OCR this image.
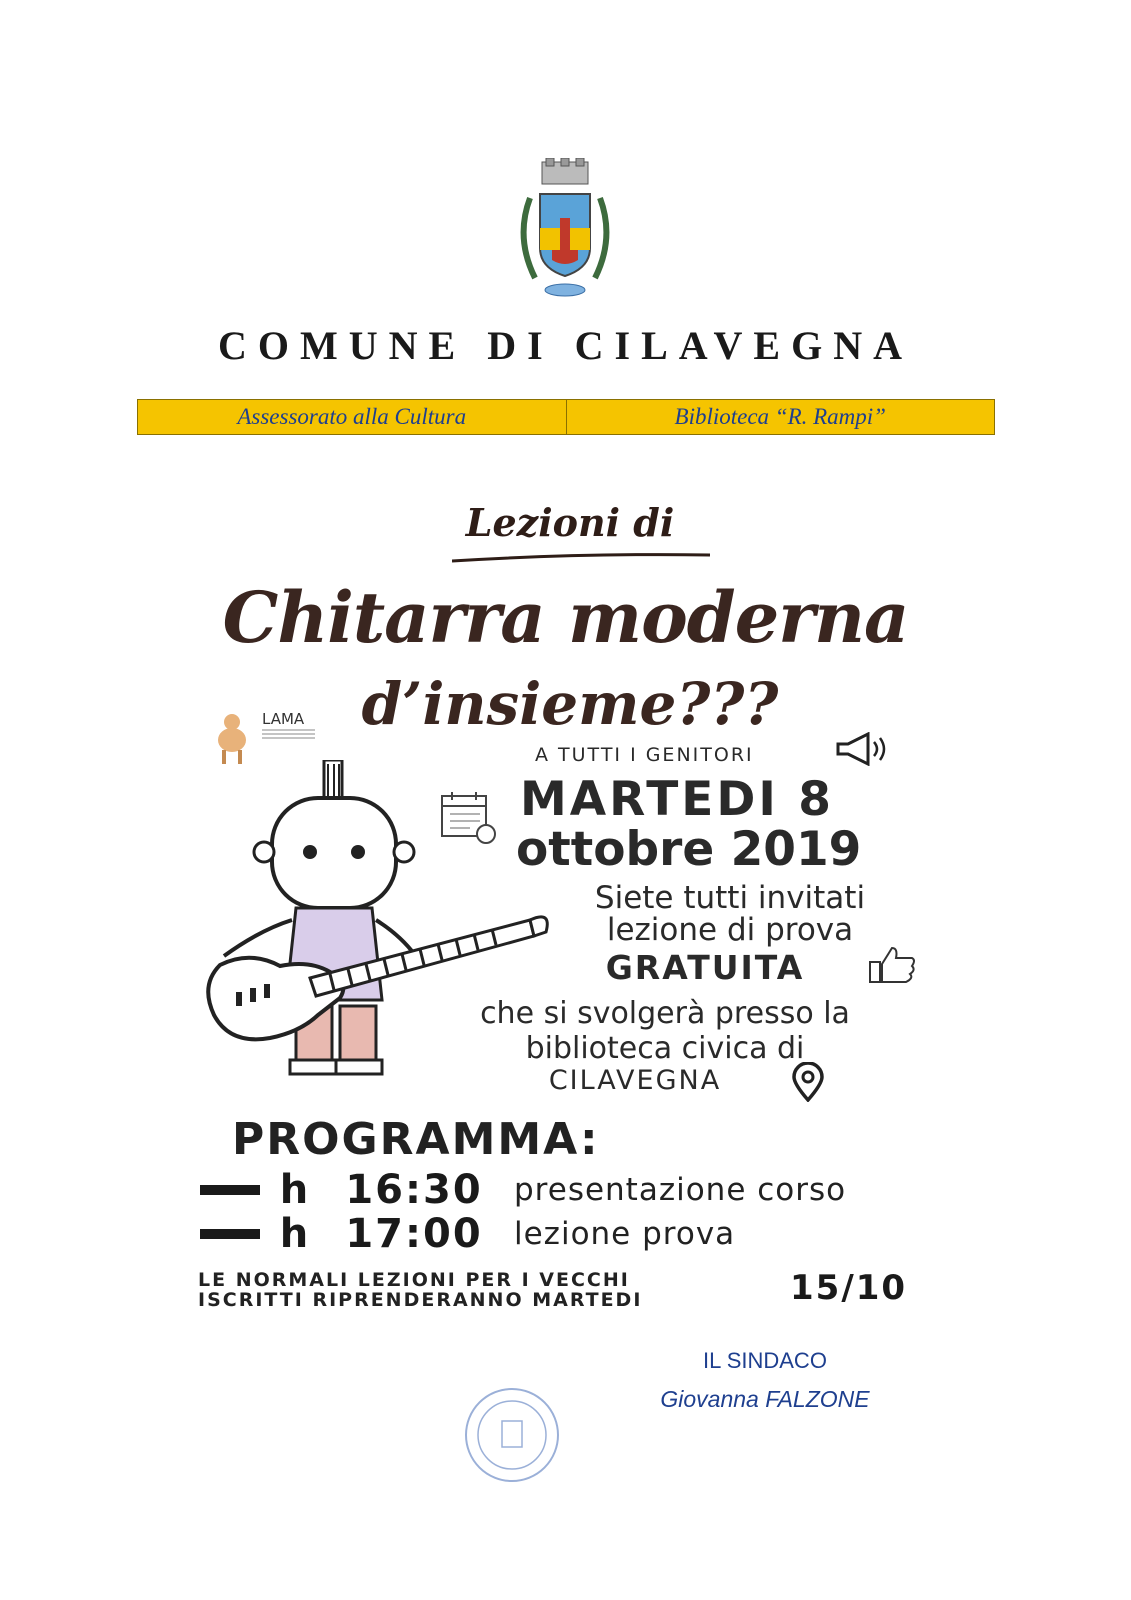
COMUNE DI CILAVEGNA
Assessorato alla Cultura	Biblioteca “R. Rampi”
Lezioni di
Chitarra moderna
d’insieme???
LAMA
A TUTTI I GENITORI
MARTEDI 8
ottobre 2019
Siete tutti invitati
lezione di prova
GRATUITA
che si svolgerà presso la
biblioteca civica di
CILAVEGNA
PROGRAMMA:
h 16:30	presentazione corso
h 17:00	lezione prova
LE NORMALI LEZIONI PER I VECCHI
ISCRITTI RIPRENDERANNO MARTEDI	15/10
IL SINDACO
Giovanna FALZONE
